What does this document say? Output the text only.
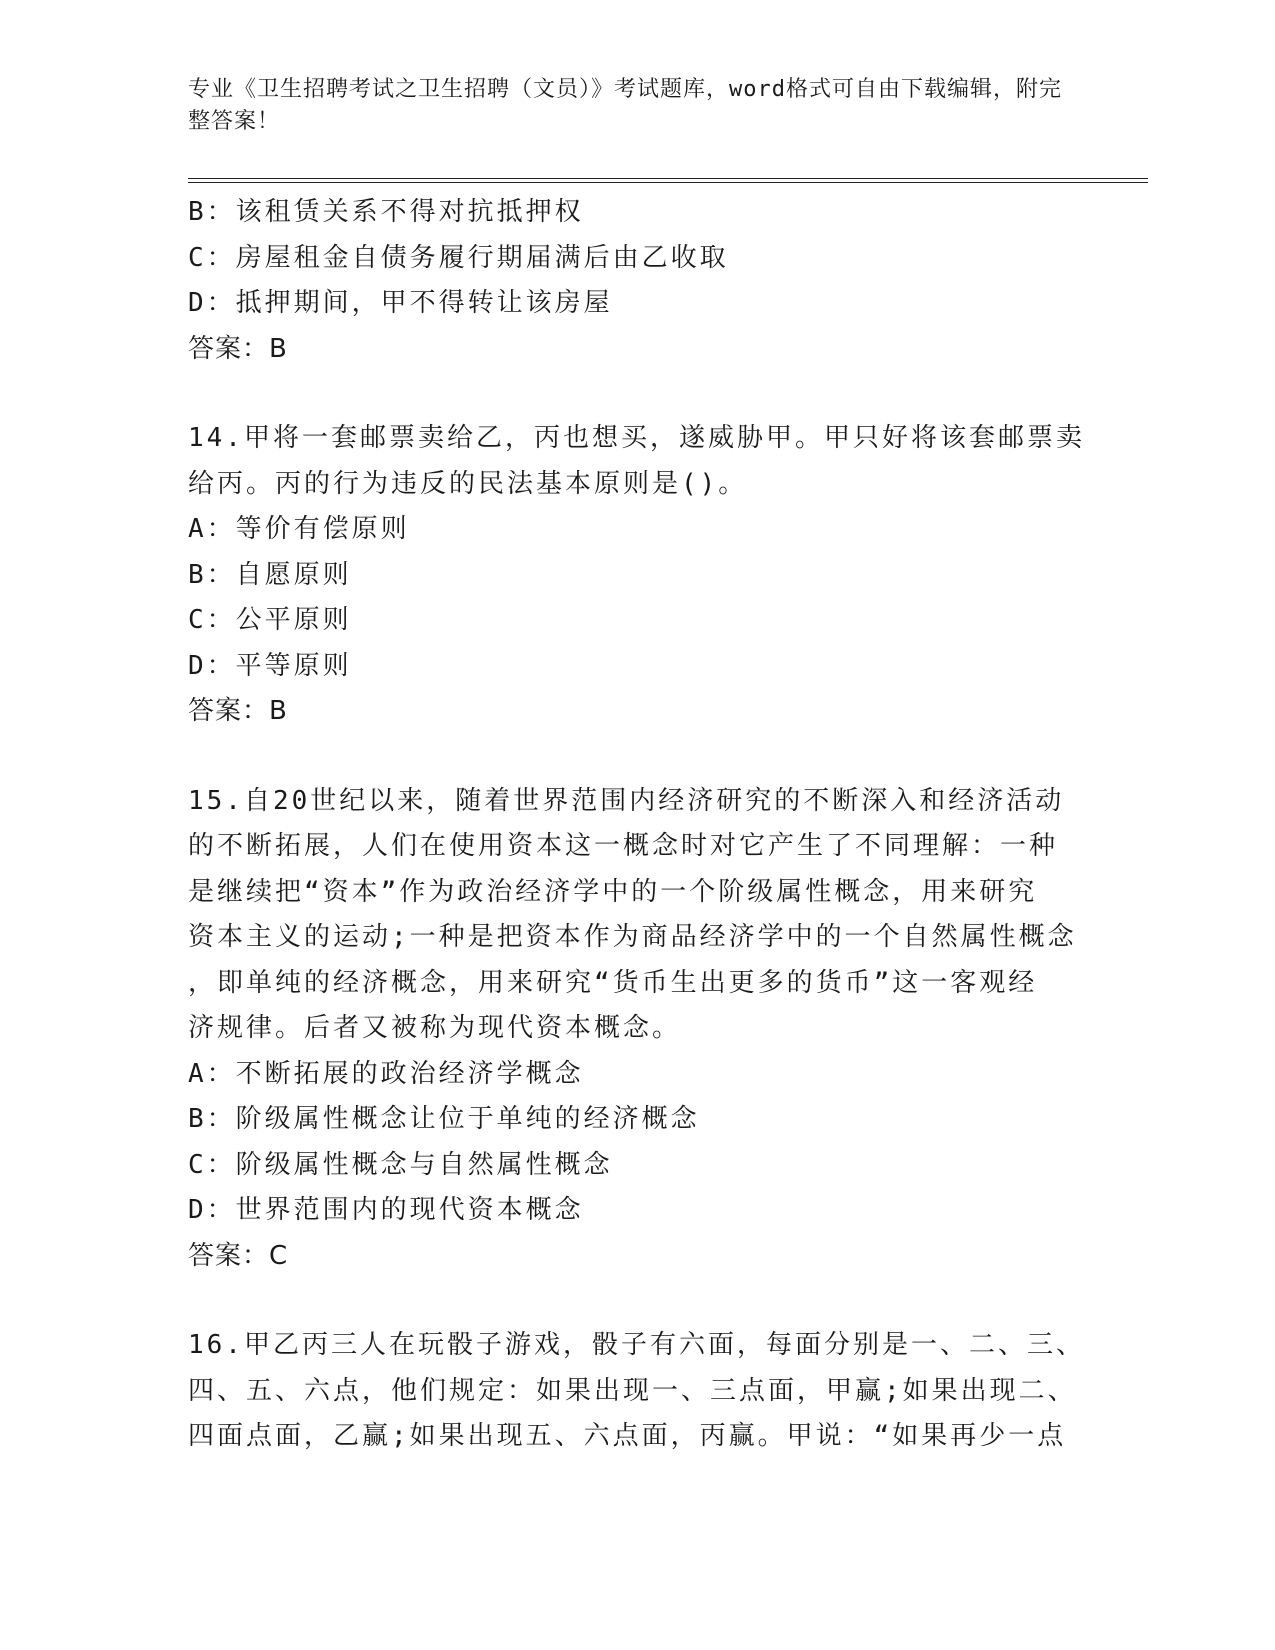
专业《卫生招聘考试之卫生招聘（文员）》考试题库，word格式可自由下载编辑，附完整答案！
B：该租赁关系不得对抗抵押权
C：房屋租金自债务履行期届满后由乙收取
D：抵押期间，甲不得转让该房屋
答案：B
14.甲将一套邮票卖给乙，丙也想买，遂威胁甲。甲只好将该套邮票卖
给丙。丙的行为违反的民法基本原则是()。
A：等价有偿原则
B：自愿原则
C：公平原则
D：平等原则
答案：B
15.自20世纪以来，随着世界范围内经济研究的不断深入和经济活动
的不断拓展，人们在使用资本这一概念时对它产生了不同理解：一种
是继续把“资本”作为政治经济学中的一个阶级属性概念，用来研究
资本主义的运动;一种是把资本作为商品经济学中的一个自然属性概念
，即单纯的经济概念，用来研究“货币生出更多的货币”这一客观经
济规律。后者又被称为现代资本概念。
A：不断拓展的政治经济学概念
B：阶级属性概念让位于单纯的经济概念
C：阶级属性概念与自然属性概念
D：世界范围内的现代资本概念
答案：C
16.甲乙丙三人在玩骰子游戏，骰子有六面，每面分别是一、二、三、
四、五、六点，他们规定：如果出现一、三点面，甲赢;如果出现二、
四面点面，乙赢;如果出现五、六点面，丙赢。甲说：“如果再少一点
